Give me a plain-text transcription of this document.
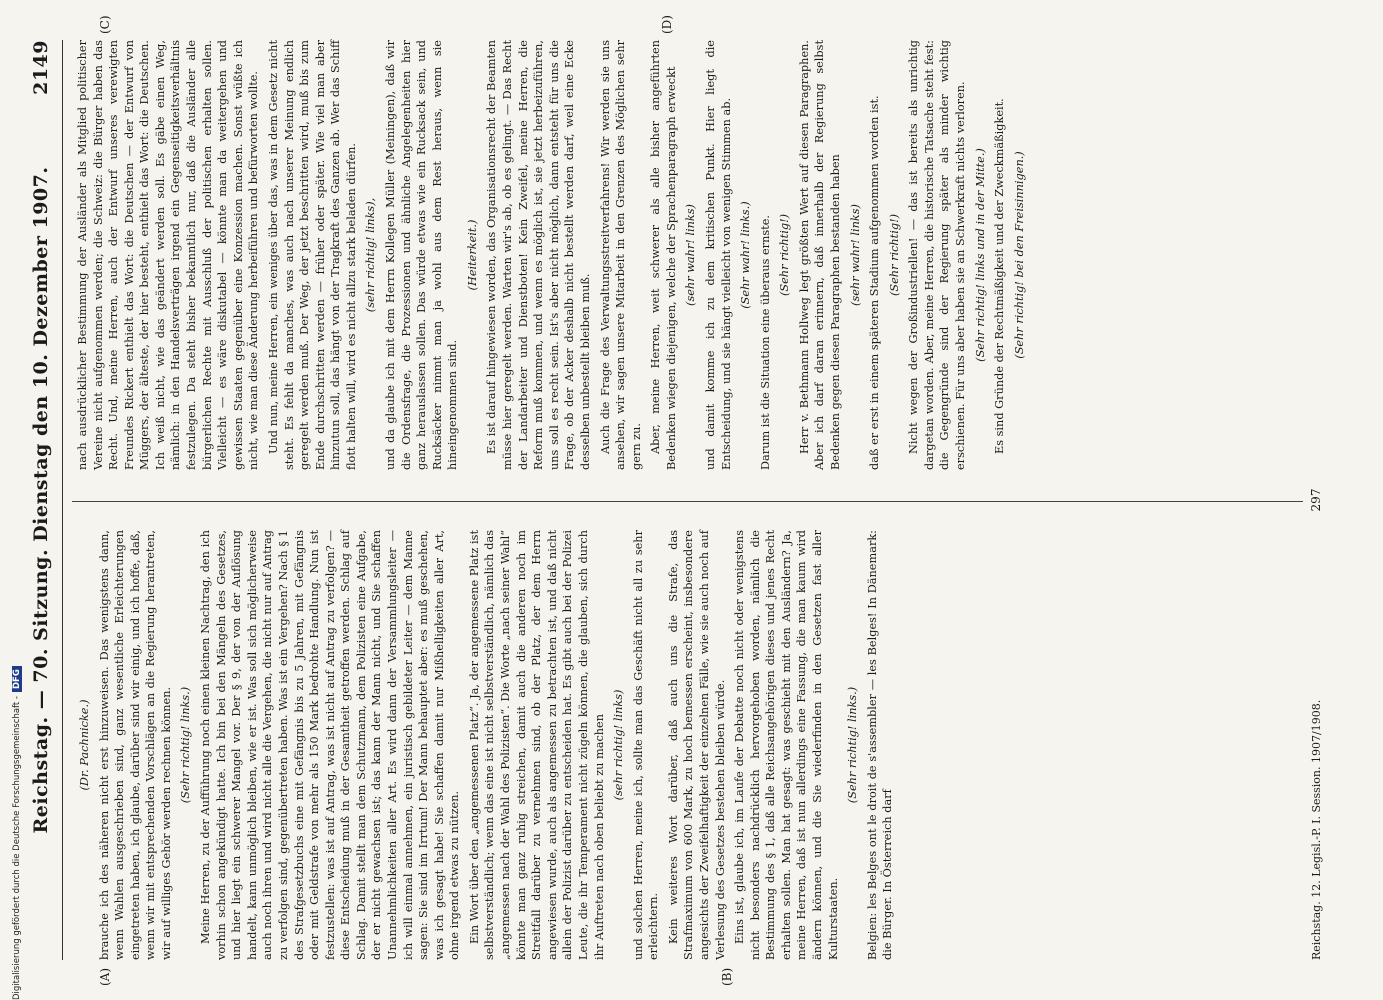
Reichstag. — 70. Sitzung. Dienstag den 10. Dezember 1907.
2149
(A)	(B)
(C)	(D)

(Dr. Pachnicke.) brauche ich des näheren nicht erst hinzuweisen. Das wenigstens dann, wenn Wahlen ausgeschrieben sind, ganz wesentliche Erleichterungen eingetreten haben, ich glaube, darüber sind wir einig, und ich hoffe, daß, wenn wir mit entsprechenden Vorschlägen an die Regierung herantreten, wir auf williges Gehör werden rechnen können. (Sehr richtig! links.) Meine Herren, zu der Aufführung noch einen kleinen Nachtrag, den ich vorhin schon angekündigt hatte. Ich bin bei den Mängeln des Gesetzes, und hier liegt ein schwerer Mangel vor. Der § 9, der von der Auflösung handelt, kann unmöglich bleiben, wie er ist. Was soll sich möglicherweise auch noch ihren und wird nicht alle die Vergehen, die nicht nur auf Antrag zu verfolgen sind, gegenübertreten haben. Was ist ein Vergehen? Nach § 1 des Strafgesetzbuchs eine mit Gefängnis bis zu 5 Jahren, mit Gefängnis oder mit Geldstrafe von mehr als 150 Mark bedrohte Handlung. Nun ist festzustellen: was ist auf Antrag, was ist nicht auf Antrag zu verfolgen? — diese Entscheidung muß in der Gesamtheit getroffen werden. Schlag auf Schlag. Damit stellt man dem Schutzmann, dem Polizisten eine Aufgabe, der er nicht gewachsen ist; das kann der Mann nicht, und Sie schaffen Unannehmlichkeiten aller Art. Es wird dann der Versammlungsleiter — ich will einmal annehmen, ein juristisch gebildeter Leiter — dem Manne sagen: Sie sind im Irrtum! Der Mann behauptet aber: es muß geschehen, was ich gesagt habe! Sie schaffen damit nur Mißhelligkeiten aller Art, ohne irgend etwas zu nützen. Ein Wort über den „angemessenen Platz“. Ja, der angemessene Platz ist selbstverständlich; wenn das eine ist nicht selbstverständlich, nämlich das „angemessen nach der Wahl des Polizisten“. Die Worte „nach seiner Wahl“ könnte man ganz ruhig streichen, damit auch die anderen noch im Streitfall darüber zu vernehmen sind, ob der Platz, der dem Herrn angewiesen wurde, auch als angemessen zu betrachten ist, und daß nicht allein der Polizist darüber zu entscheiden hat. Es gibt auch bei der Polizei Leute, die ihr Temperament nicht zügeln können, die glauben, sich durch ihr Auftreten nach oben beliebt zu machen (sehr richtig! links) und solchen Herren, meine ich, sollte man das Geschäft nicht all zu sehr erleichtern. Kein weiteres Wort darüber, daß auch uns die Strafe, das Strafmaximum von 600 Mark, zu hoch bemessen erscheint, insbesondere angesichts der Zweifelhaftigkeit der einzelnen Fälle, wie sie auch noch auf Verlesung des Gesetzes bestehen bleiben würde. Eins ist, glaube ich, im Laufe der Debatte noch nicht oder wenigstens nicht besonders nachdrücklich hervorgehoben worden, nämlich die Bestimmung des § 1, daß alle Reichsangehörigen dieses und jenes Recht erhalten sollen. Man hat gesagt: was geschieht mit den Ausländern? Ja, meine Herren, daß ist nun allerdings eine Fassung, die man kaum wird ändern können, und die Sie wiederfinden in den Gesetzen fast aller Kulturstaaten.

(Sehr richtig! links.) Belgien: les Belges ont le droit de s'assembler — les Belges! In Dänemark: die Bürger. In Österreich darf

nach ausdrücklicher Bestimmung der Ausländer als Mitglied politischer Vereine nicht aufgenommen werden; die Schweiz: die Bürger haben das Recht. Und, meine Herren, auch der Entwurf unseres verewigten Freundes Rickert enthielt das Wort: die Deutschen — der Entwurf von Müggers, der älteste, der hier besteht, enthielt das Wort: die Deutschen. Ich weiß nicht, wie das geändert werden soll. Es gäbe einen Weg, nämlich: in den Handelsverträgen irgend ein Gegenseitigkeitsverhältnis festzulegen. Da steht bisher bekanntlich nur, daß die Ausländer alle bürgerlichen Rechte mit Ausschluß der politischen erhalten sollen. Vielleicht — es wäre diskutabel — könnte man da weitergehen und gewissen Staaten gegenüber eine Konzession machen. Sonst wüßte ich nicht, wie man diese Änderung herbeiführen und befürworten wollte. Und nun, meine Herren, ein weniges über das, was in dem Gesetz nicht steht. Es fehlt da manches, was auch nach unserer Meinung endlich geregelt werden muß. Der Weg, der jetzt beschritten wird, muß bis zum Ende durchschritten werden — früher oder später. Wie viel man aber hinzutun soll, das hängt von der Tragkraft des Ganzen ab. Wer das Schiff flott halten will, wird es nicht allzu stark beladen dürfen. (sehr richtig! links), und da glaube ich mit dem Herrn Kollegen Müller (Meiningen), daß wir die Ordensfrage, die Prozessionen und ähnliche Angelegenheiten hier ganz herauslassen sollen. Das würde etwas wie ein Rucksack sein, und Rucksäcker nimmt man ja wohl aus dem Rest heraus, wenn sie hineingenommen sind.

(Heiterkeit.) Es ist darauf hingewiesen worden, das Organisationsrecht der Beamten müsse hier geregelt werden. Warten wir's ab, ob es gelingt. — Das Recht der Landarbeiter und Dienstboten! Kein Zweifel, meine Herren, die Reform muß kommen, und wenn es möglich ist, sie jetzt herbeizuführen, uns soll es recht sein. Ist's aber nicht möglich, dann entsteht für uns die Frage, ob der Acker deshalb nicht bestellt werden darf, weil eine Ecke desselben unbestellt bleiben muß. Auch die Frage des Verwaltungsstreitverfahrens! Wir werden sie uns ansehen, wir sagen unsere Mitarbeit in den Grenzen des Möglichen sehr gern zu. Aber, meine Herren, weit schwerer als alle bisher angeführten Bedenken wiegen diejenigen, welche der Sprachenparagraph erweckt (sehr wahr! links) und damit komme ich zu dem kritischen Punkt. Hier liegt die Entscheidung, und sie hängt vielleicht von wenigen Stimmen ab. (Sehr wahr! links.) Darum ist die Situation eine überaus ernste. (Sehr richtig!) Herr v. Bethmann Hollweg legt größten Wert auf diesen Paragraphen. Aber ich darf daran erinnern, daß innerhalb der Regierung selbst Bedenken gegen diesen Paragraphen bestanden haben (sehr wahr! links) daß er erst in einem späteren Stadium aufgenommen worden ist. (Sehr richtig!) Nicht wegen der Großindustriellen! — das ist bereits als unrichtig dargetan worden. Aber, meine Herren, die historische Tatsache steht fest: die Gegengründe sind der Regierung später als minder wichtig erschienen. Für uns aber haben sie an Schwerkraft nichts verloren. (Sehr richtig! links und in der Mitte.) Es sind Gründe der Rechtmäßigkeit und der Zweckmäßigkeit. (Sehr richtig! bei den Freisinnigen.)

Reichstag. 12. Legisl.-P. I. Session. 1907/1908.
297
Digitalisierung gefördert durch die Deutsche Forschungsgemeinschaft -DFG
